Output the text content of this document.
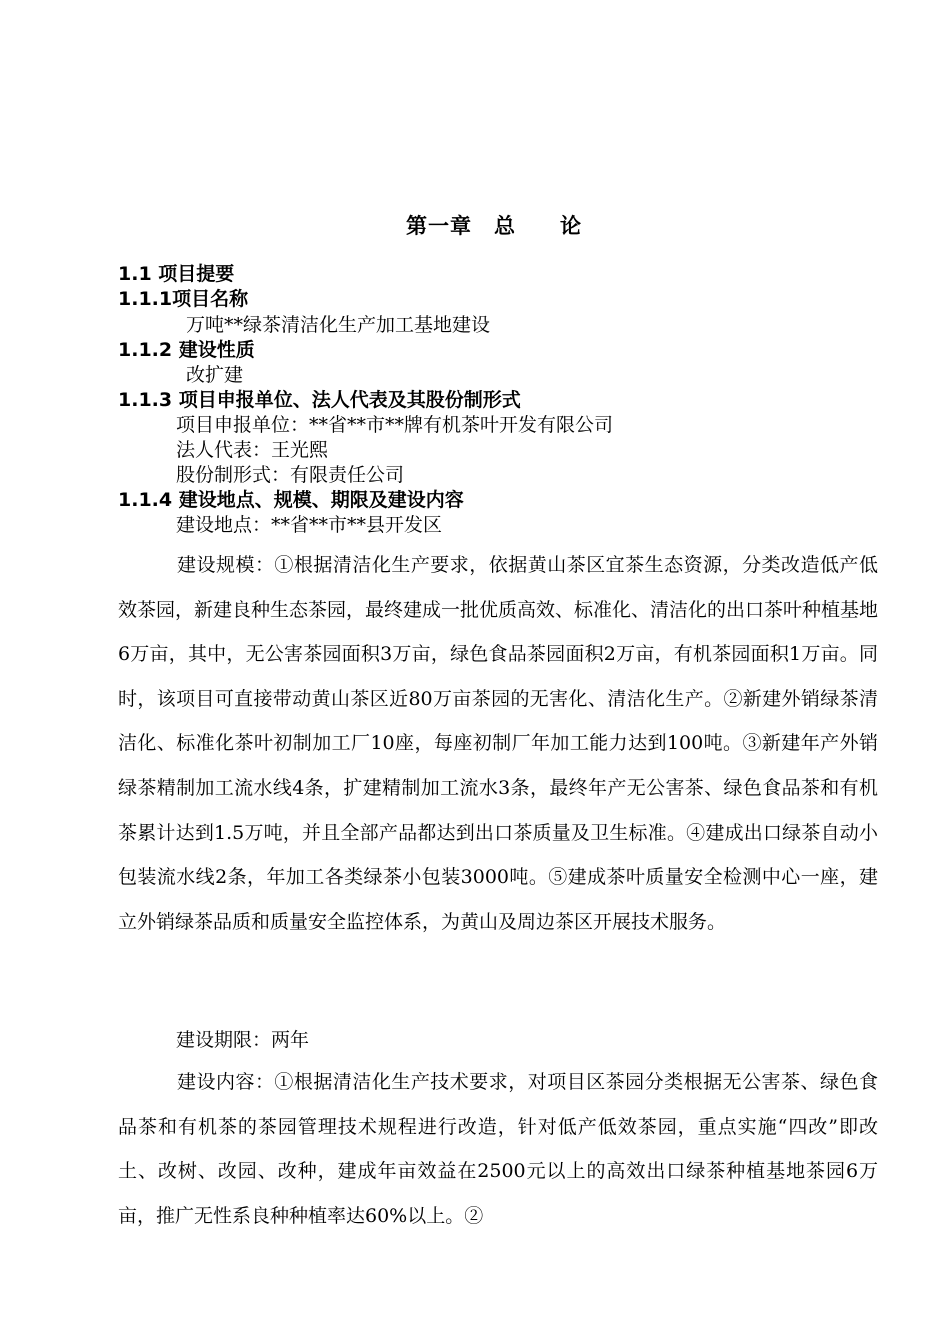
第一章　总　　论
1.1 项目提要
1.1.1项目名称
万吨**绿茶清洁化生产加工基地建设
1.1.2 建设性质
改扩建
1.1.3 项目申报单位、法人代表及其股份制形式
项目申报单位：**省**市**牌有机茶叶开发有限公司
法人代表：王光熙
股份制形式：有限责任公司
1.1.4 建设地点、规模、期限及建设内容
建设地点：**省**市**县开发区
建设规模：①根据清洁化生产要求，依据黄山茶区宜茶生态资源，分类改造低产低效茶园，新建良种生态茶园，最终建成一批优质高效、标准化、清洁化的出口茶叶种植基地6万亩，其中，无公害茶园面积3万亩，绿色食品茶园面积2万亩，有机茶园面积1万亩。同时，该项目可直接带动黄山茶区近80万亩茶园的无害化、清洁化生产。②新建外销绿茶清洁化、标准化茶叶初制加工厂10座，每座初制厂年加工能力达到100吨。③新建年产外销绿茶精制加工流水线4条，扩建精制加工流水3条，最终年产无公害茶、绿色食品茶和有机茶累计达到1.5万吨，并且全部产品都达到出口茶质量及卫生标准。④建成出口绿茶自动小包装流水线2条，年加工各类绿茶小包装3000吨。⑤建成茶叶质量安全检测中心一座，建立外销绿茶品质和质量安全监控体系，为黄山及周边茶区开展技术服务。
建设期限：两年
建设内容：①根据清洁化生产技术要求，对项目区茶园分类根据无公害茶、绿色食品茶和有机茶的茶园管理技术规程进行改造，针对低产低效茶园，重点实施“四改”即改土、改树、改园、改种，建成年亩效益在2500元以上的高效出口绿茶种植基地茶园6万亩，推广无性系良种种植率达60%以上。②
